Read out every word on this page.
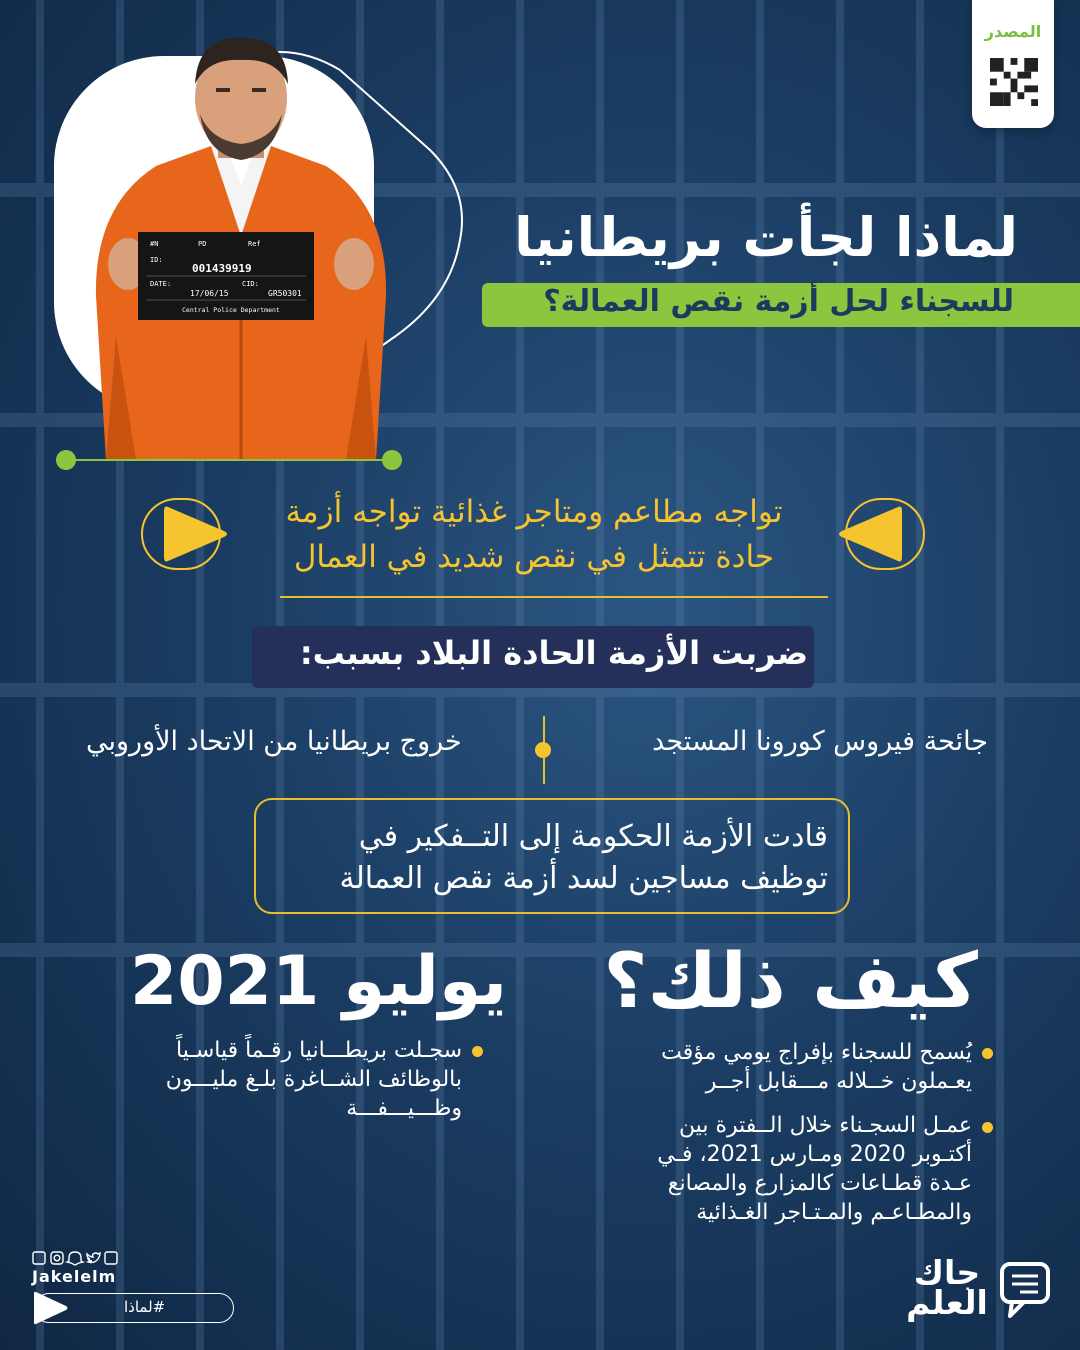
المصدر
#N	PD	Ref
ID:
001439919
DATE:
17/06/15
CID:
GR50301
Central Police Department
لماذا لجأت بريطانيا
للسجناء لحل أزمة نقص العمالة؟
تواجه مطاعم ومتاجر غذائية تواجه أزمة
حادة تتمثل في نقص شديد في العمال
ضربت الأزمة الحادة البلاد بسبب:
جائحة فيروس كورونا المستجد
خروج بريطانيا من الاتحاد الأوروبي
قادت الأزمة الحكومة إلى التــفكير في
توظيف مساجين لسد أزمة نقص العمالة
كيف ذلك؟
يوليو 2021
يُسمح للسجناء بإفراج يومي مؤقت
يعـملون خــلاله مـــقابل أجــر
عمـل السجـناء خلال الــفترة بين
أكتـوبر 2020 ومـارس 2021، فـي
عـدة قطـاعات كالمزارع والمصانع
والمطـاعـم والمـتـاجر الغـذائية
سجـلت بريطـــانيا رقـماً قياسـياً
بالوظائف الشــاغرة بلـغ مليـــون
وظـــيـــفـــة
Jakelelm
#لماذا
جاك
العلم
